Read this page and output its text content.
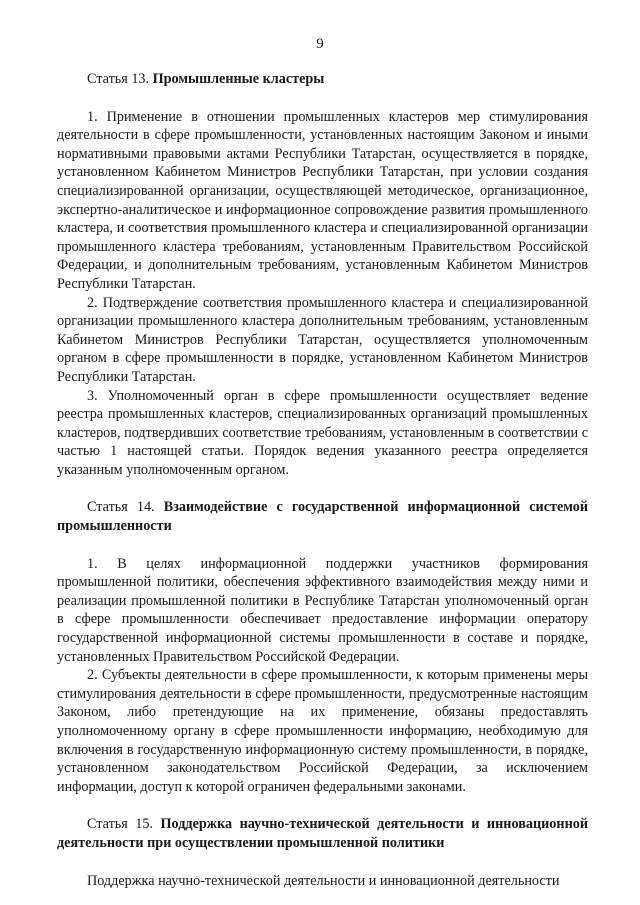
9

Статья 13. Промышленные кластеры

1. Применение в отношении промышленных кластеров мер стимулирования деятельности в сфере промышленности, установленных настоящим Законом и иными нормативными правовыми актами Республики Татарстан, осуществляется в порядке, установленном Кабинетом Министров Республики Татарстан, при условии создания специализированной организации, осуществляющей методическое, организационное, экспертно-аналитическое и информационное сопровождение развития промышленного кластера, и соответствия промышленного кластера и специализированной организации промышленного кластера требованиям, установленным Правительством Российской Федерации, и дополнительным требованиям, установленным Кабинетом Министров Республики Татарстан.

2. Подтверждение соответствия промышленного кластера и специализированной организации промышленного кластера дополнительным требованиям, установленным Кабинетом Министров Республики Татарстан, осуществляется уполномоченным органом в сфере промышленности в порядке, установленном Кабинетом Министров Республики Татарстан.

3. Уполномоченный орган в сфере промышленности осуществляет ведение реестра промышленных кластеров, специализированных организаций промышленных кластеров, подтвердивших соответствие требованиям, установленным в соответствии с частью 1 настоящей статьи. Порядок ведения указанного реестра определяется указанным уполномоченным органом.

Статья 14. Взаимодействие с государственной информационной системой промышленности

1. В целях информационной поддержки участников формирования промышленной политики, обеспечения эффективного взаимодействия между ними и реализации промышленной политики в Республике Татарстан уполномоченный орган в сфере промышленности обеспечивает предоставление информации оператору государственной информационной системы промышленности в составе и порядке, установленных Правительством Российской Федерации.

2. Субъекты деятельности в сфере промышленности, к которым применены меры стимулирования деятельности в сфере промышленности, предусмотренные настоящим Законом, либо претендующие на их применение, обязаны предоставлять уполномоченному органу в сфере промышленности информацию, необходимую для включения в государственную информационную систему промышленности, в порядке, установленном законодательством Российской Федерации, за исключением информации, доступ к которой ограничен федеральными законами.

Статья 15. Поддержка научно-технической деятельности и инновационной деятельности при осуществлении промышленной политики

Поддержка научно-технической деятельности и инновационной деятельности
